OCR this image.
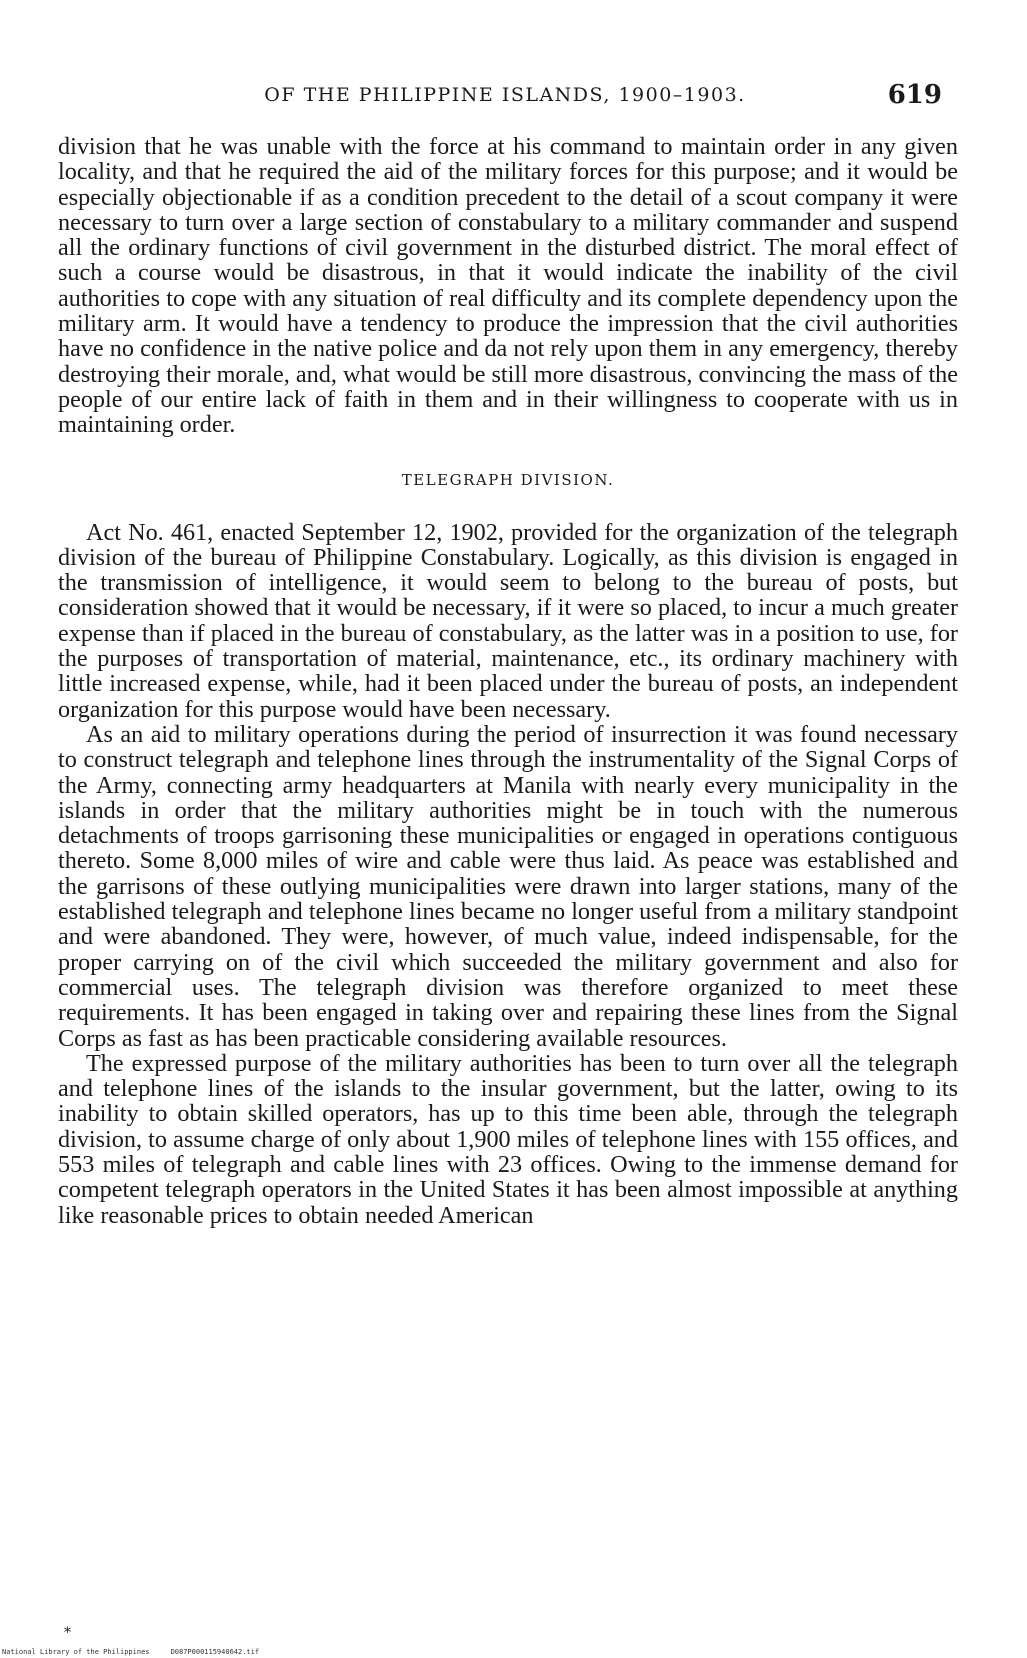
OF THE PHILIPPINE ISLANDS, 1900–1903.	619

division that he was unable with the force at his command to maintain order in any given locality, and that he required the aid of the military forces for this purpose; and it would be especially objectionable if as a condition precedent to the detail of a scout company it were necessary to turn over a large section of constabulary to a military commander and suspend all the ordinary functions of civil government in the disturbed district. The moral effect of such a course would be disastrous, in that it would indicate the inability of the civil authorities to cope with any situation of real difficulty and its complete dependency upon the military arm. It would have a tendency to produce the impression that the civil authorities have no confidence in the native police and da not rely upon them in any emergency, thereby destroying their morale, and, what would be still more disastrous, convincing the mass of the people of our entire lack of faith in them and in their willingness to cooperate with us in maintaining order.

TELEGRAPH DIVISION.

Act No. 461, enacted September 12, 1902, provided for the organization of the telegraph division of the bureau of Philippine Constabulary. Logically, as this division is engaged in the transmission of intelligence, it would seem to belong to the bureau of posts, but consideration showed that it would be necessary, if it were so placed, to incur a much greater expense than if placed in the bureau of constabulary, as the latter was in a position to use, for the purposes of transportation of material, maintenance, etc., its ordinary machinery with little increased expense, while, had it been placed under the bureau of posts, an independent organization for this purpose would have been necessary.

As an aid to military operations during the period of insurrection it was found necessary to construct telegraph and telephone lines through the instrumentality of the Signal Corps of the Army, connecting army headquarters at Manila with nearly every municipality in the islands in order that the military authorities might be in touch with the numerous detachments of troops garrisoning these municipalities or engaged in operations contiguous thereto. Some 8,000 miles of wire and cable were thus laid. As peace was established and the garrisons of these outlying municipalities were drawn into larger stations, many of the established telegraph and telephone lines became no longer useful from a military standpoint and were abandoned. They were, however, of much value, indeed indispensable, for the proper carrying on of the civil which succeeded the military government and also for commercial uses. The telegraph division was therefore organized to meet these requirements. It has been engaged in taking over and repairing these lines from the Signal Corps as fast as has been practicable considering available resources.

The expressed purpose of the military authorities has been to turn over all the telegraph and telephone lines of the islands to the insular government, but the latter, owing to its inability to obtain skilled operators, has up to this time been able, through the telegraph division, to assume charge of only about 1,900 miles of telephone lines with 155 offices, and 553 miles of telegraph and cable lines with 23 offices. Owing to the immense demand for competent telegraph operators in the United States it has been almost impossible at anything like reasonable prices to obtain needed American

*
National Library of the Philippines     D087P000115940642.tif
